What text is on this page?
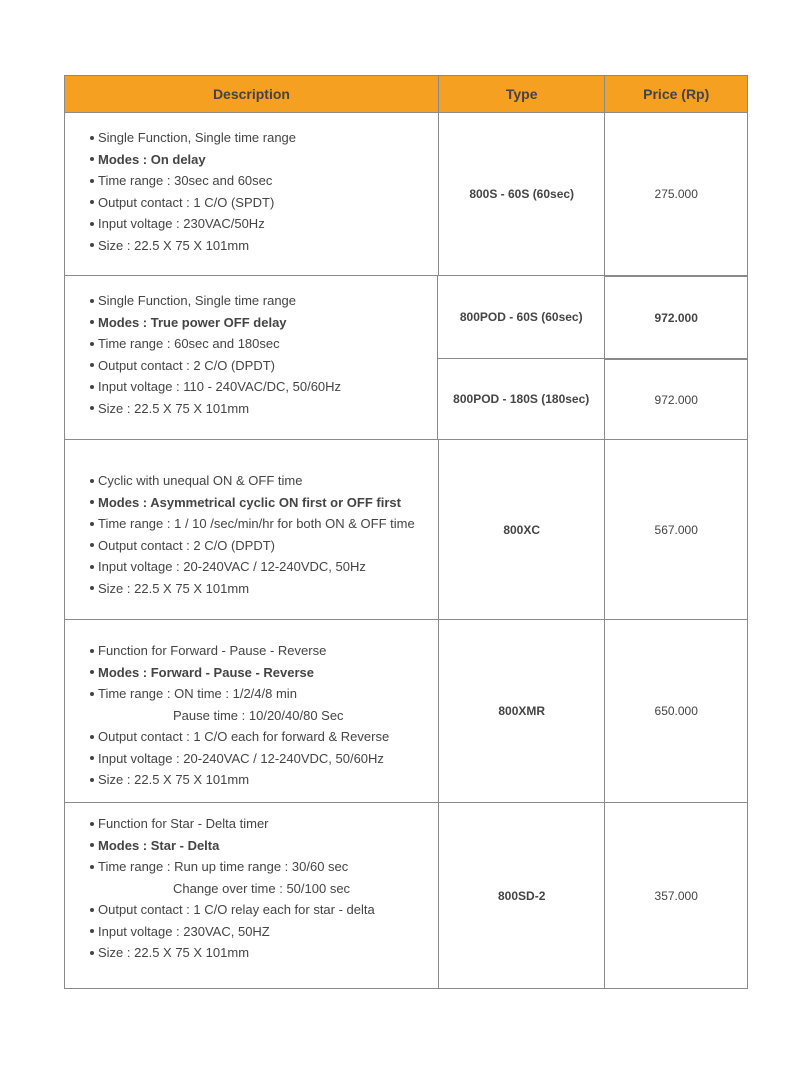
Description	Type	Price (Rp)
Single Function, Single time range
Modes : On delay
Time range : 30sec and 60sec
Output contact : 1 C/O (SPDT)
Input voltage : 230VAC/50Hz
Size : 22.5 X 75 X 101mm
800S - 60S (60sec)	275.000
Single Function, Single time range
Modes : True power OFF delay
Time range : 60sec and 180sec
Output contact : 2 C/O (DPDT)
Input voltage : 110 - 240VAC/DC, 50/60Hz
Size : 22.5 X 75 X 101mm
800POD - 60S (60sec)	972.000
800POD - 180S (180sec)	972.000
Cyclic with unequal ON & OFF time
Modes : Asymmetrical cyclic ON first or OFF first
Time range : 1 / 10 /sec/min/hr for both ON & OFF time
Output contact : 2 C/O (DPDT)
Input voltage : 20-240VAC / 12-240VDC, 50Hz
Size : 22.5 X 75 X 101mm
800XC	567.000
Function for Forward - Pause - Reverse
Modes : Forward - Pause - Reverse
Time range : ON time : 1/2/4/8 min
Pause time : 10/20/40/80 Sec
Output contact : 1 C/O each for forward & Reverse
Input voltage : 20-240VAC / 12-240VDC, 50/60Hz
Size : 22.5 X 75 X 101mm
800XMR	650.000
Function for Star - Delta timer
Modes : Star - Delta
Time range : Run up time range : 30/60 sec
Change over time : 50/100 sec
Output contact : 1 C/O relay each for star - delta
Input voltage : 230VAC, 50HZ
Size : 22.5 X 75 X 101mm
800SD-2	357.000
